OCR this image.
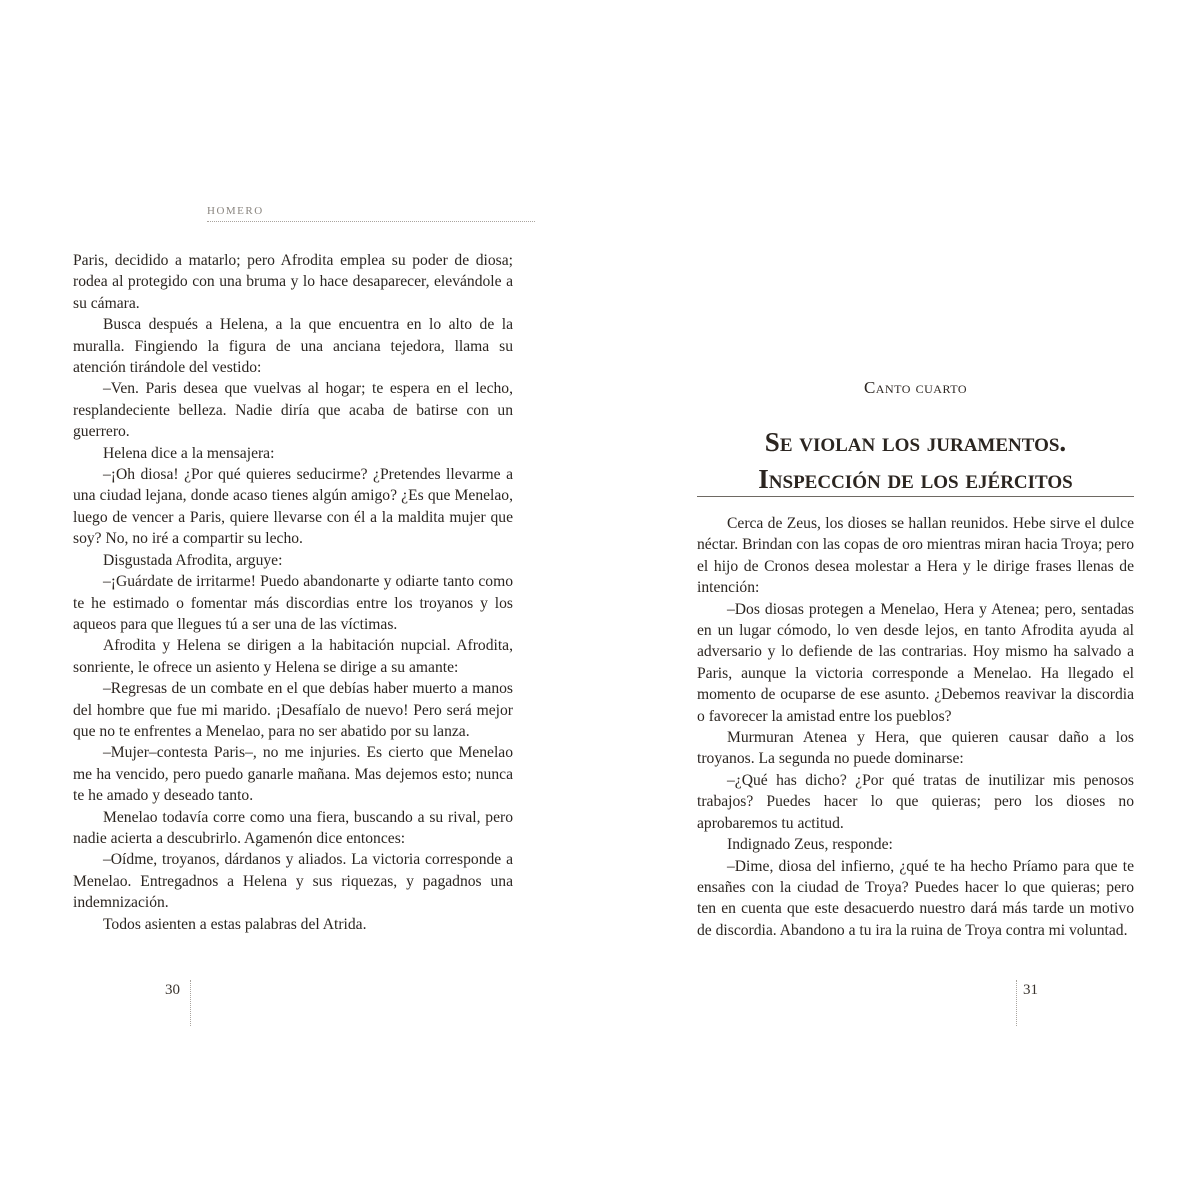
HOMERO

Paris, decidido a matarlo; pero Afrodita emplea su poder de diosa; rodea al protegido con una bruma y lo hace desaparecer, elevándole a su cámara.

Busca después a Helena, a la que encuentra en lo alto de la muralla. Fingiendo la figura de una anciana tejedora, llama su atención tirándole del vestido:

–Ven. Paris desea que vuelvas al hogar; te espera en el lecho, resplandeciente belleza. Nadie diría que acaba de batirse con un guerrero.

Helena dice a la mensajera:

–¡Oh diosa! ¿Por qué quieres seducirme? ¿Pretendes llevarme a una ciudad lejana, donde acaso tienes algún amigo? ¿Es que Menelao, luego de vencer a Paris, quiere llevarse con él a la maldita mujer que soy? No, no iré a compartir su lecho.

Disgustada Afrodita, arguye:

–¡Guárdate de irritarme! Puedo abandonarte y odiarte tanto como te he estimado o fomentar más discordias entre los troyanos y los aqueos para que llegues tú a ser una de las víctimas.

Afrodita y Helena se dirigen a la habitación nupcial. Afrodita, sonriente, le ofrece un asiento y Helena se dirige a su amante:

–Regresas de un combate en el que debías haber muerto a manos del hombre que fue mi marido. ¡Desafíalo de nuevo! Pero será mejor que no te enfrentes a Menelao, para no ser abatido por su lanza.

–Mujer–contesta Paris–, no me injuries. Es cierto que Menelao me ha vencido, pero puedo ganarle mañana. Mas dejemos esto; nunca te he amado y deseado tanto.

Menelao todavía corre como una fiera, buscando a su rival, pero nadie acierta a descubrirlo. Agamenón dice entonces:

–Oídme, troyanos, dárdanos y aliados. La victoria corresponde a Menelao. Entregadnos a Helena y sus riquezas, y pagadnos una indemnización.

Todos asienten a estas palabras del Atrida.

30
Canto cuarto
Se violan los juramentos.
Inspección de los ejércitos

Cerca de Zeus, los dioses se hallan reunidos. Hebe sirve el dulce néctar. Brindan con las copas de oro mientras miran hacia Troya; pero el hijo de Cronos desea molestar a Hera y le dirige frases llenas de intención:

–Dos diosas protegen a Menelao, Hera y Atenea; pero, sentadas en un lugar cómodo, lo ven desde lejos, en tanto Afrodita ayuda al adversario y lo defiende de las contrarias. Hoy mismo ha salvado a Paris, aunque la victoria corresponde a Menelao. Ha llegado el momento de ocuparse de ese asunto. ¿Debemos reavivar la discordia o favorecer la amistad entre los pueblos?

Murmuran Atenea y Hera, que quieren causar daño a los troyanos. La segunda no puede dominarse:

–¿Qué has dicho? ¿Por qué tratas de inutilizar mis penosos trabajos? Puedes hacer lo que quieras; pero los dioses no aprobaremos tu actitud.

Indignado Zeus, responde:

–Dime, diosa del infierno, ¿qué te ha hecho Príamo para que te ensañes con la ciudad de Troya? Puedes hacer lo que quieras; pero ten en cuenta que este desacuerdo nuestro dará más tarde un motivo de discordia. Abandono a tu ira la ruina de Troya contra mi voluntad.

31
